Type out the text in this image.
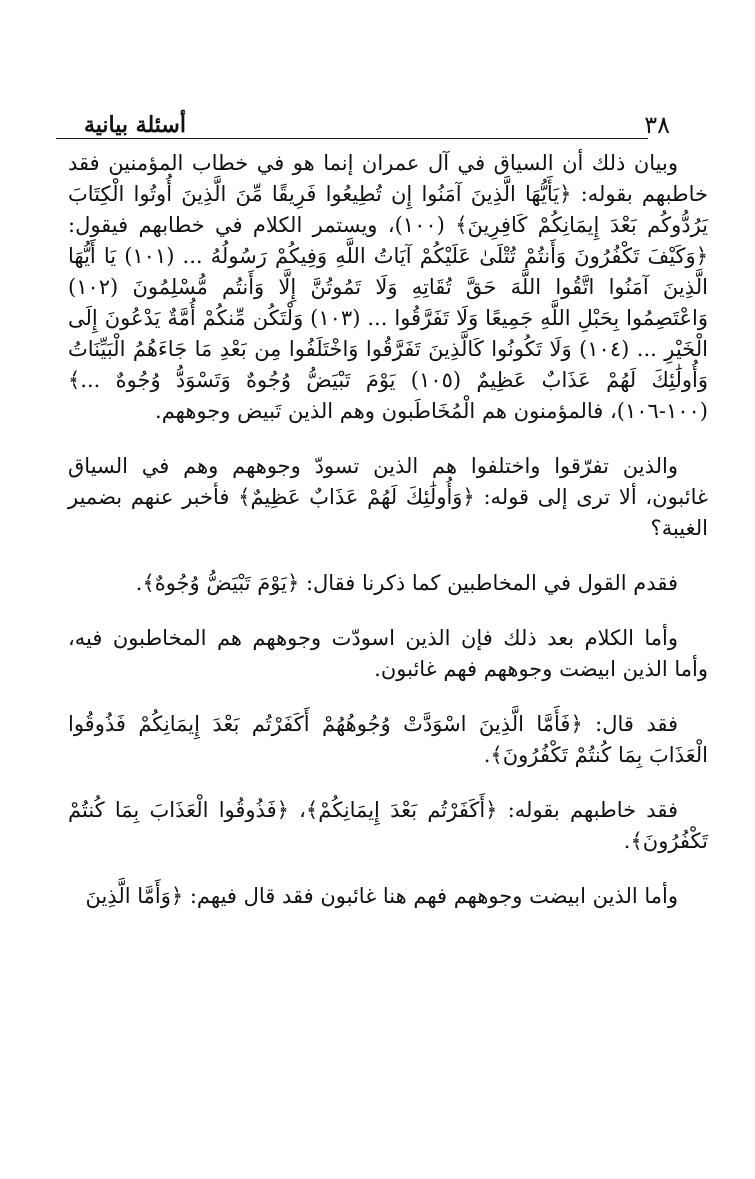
٣٨
أسئلة بيانية

وبيان ذلك أن السياق في آل عمران إنما هو في خطاب المؤمنين فقد خاطبهم بقوله: ﴿يَأَيُّهَا الَّذِينَ آمَنُوا إِن تُطِيعُوا فَرِيقًا مِّنَ الَّذِينَ أُوتُوا الْكِتَابَ يَرُدُّوكُم بَعْدَ إِيمَانِكُمْ كَافِرِينَ﴾ (١٠٠)، ويستمر الكلام في خطابهم فيقول: ﴿وَكَيْفَ تَكْفُرُونَ وَأَنتُمْ تُتْلَىٰ عَلَيْكُمْ آيَاتُ اللَّهِ وَفِيكُمْ رَسُولُهُ ... (١٠١) يَا أَيُّهَا الَّذِينَ آمَنُوا اتَّقُوا اللَّهَ حَقَّ تُقَاتِهِ وَلَا تَمُوتُنَّ إِلَّا وَأَنتُم مُّسْلِمُونَ (١٠٢) وَاعْتَصِمُوا بِحَبْلِ اللَّهِ جَمِيعًا وَلَا تَفَرَّقُوا ... (١٠٣) وَلْتَكُن مِّنكُمْ أُمَّةٌ يَدْعُونَ إِلَى الْخَيْرِ ... (١٠٤) وَلَا تَكُونُوا كَالَّذِينَ تَفَرَّقُوا وَاخْتَلَفُوا مِن بَعْدِ مَا جَاءَهُمُ الْبَيِّنَاتُ وَأُولَٰئِكَ لَهُمْ عَذَابٌ عَظِيمٌ (١٠٥) يَوْمَ تَبْيَضُّ وُجُوهٌ وَتَسْوَدُّ وُجُوهٌ ...﴾ (١٠٠-١٠٦)، فالمؤمنون هم الْمُخَاطَبون وهم الذين تَبيض وجوههم.

والذين تفرّقوا واختلفوا هم الذين تسودّ وجوههم وهم في السياق غائبون، ألا ترى إلى قوله: ﴿وَأُولَٰئِكَ لَهُمْ عَذَابٌ عَظِيمٌ﴾ فأخبر عنهم بضمير الغيبة؟

فقدم القول في المخاطبين كما ذكرنا فقال: ﴿يَوْمَ تَبْيَضُّ وُجُوهٌ﴾.

وأما الكلام بعد ذلك فإن الذين اسودّت وجوههم هم المخاطبون فيه، وأما الذين ابيضت وجوههم فهم غائبون.

فقد قال: ﴿فَأَمَّا الَّذِينَ اسْوَدَّتْ وُجُوهُهُمْ أَكَفَرْتُم بَعْدَ إِيمَانِكُمْ فَذُوقُوا الْعَذَابَ بِمَا كُنتُمْ تَكْفُرُونَ﴾.

فقد خاطبهم بقوله: ﴿أَكَفَرْتُم بَعْدَ إِيمَانِكُمْ﴾، ﴿فَذُوقُوا الْعَذَابَ بِمَا كُنتُمْ تَكْفُرُونَ﴾.

وأما الذين ابيضت وجوههم فهم هنا غائبون فقد قال فيهم: ﴿وَأَمَّا الَّذِينَ
